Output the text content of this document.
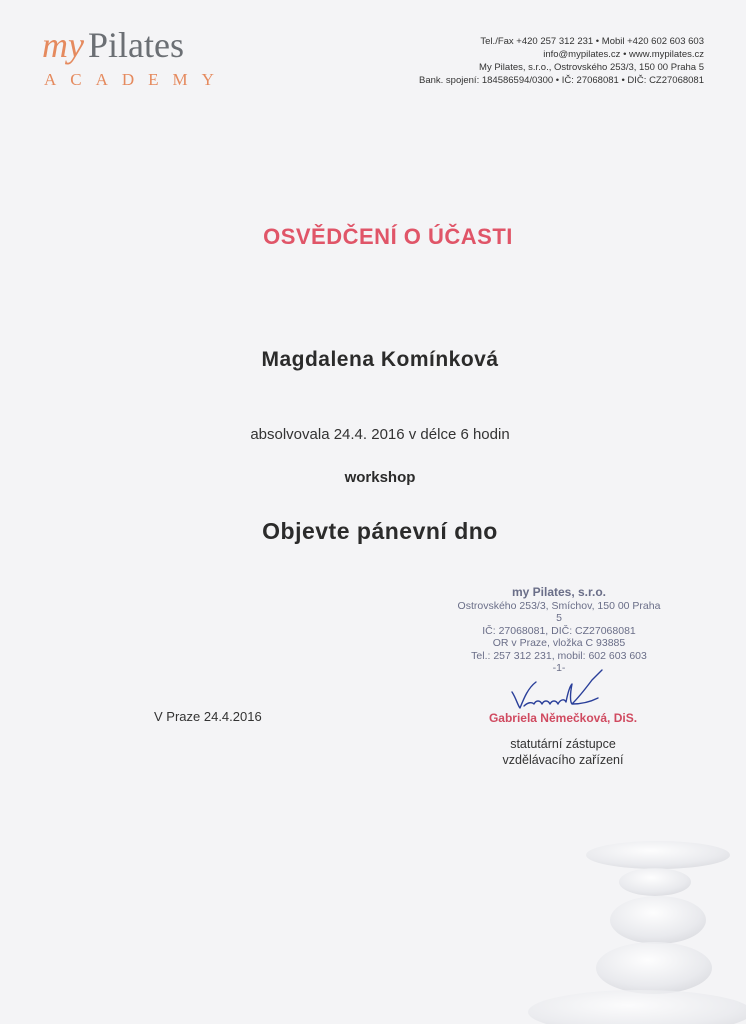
my Pilates
ACADEMY
Tel./Fax +420 257 312 231 • Mobil +420 602 603 603
info@mypilates.cz • www.mypilates.cz
My Pilates, s.r.o., Ostrovského 253/3, 150 00 Praha 5
Bank. spojení: 184586594/0300 • IČ: 27068081 • DIČ: CZ27068081
OSVĚDČENÍ O ÚČASTI
Magdalena Komínková
absolvovala 24.4. 2016 v délce 6 hodin
workshop
Objevte pánevní dno
my Pilates, s.r.o.
Ostrovského 253/3, Smíchov, 150 00 Praha 5
IČ: 27068081, DIČ: CZ27068081
OR v Praze, vložka C 93885
Tel.: 257 312 231, mobil: 602 603 603
-1-
V Praze 24.4.2016	Gabriela Němečková, DiS.
statutární zástupce
vzdělávacího zařízení
